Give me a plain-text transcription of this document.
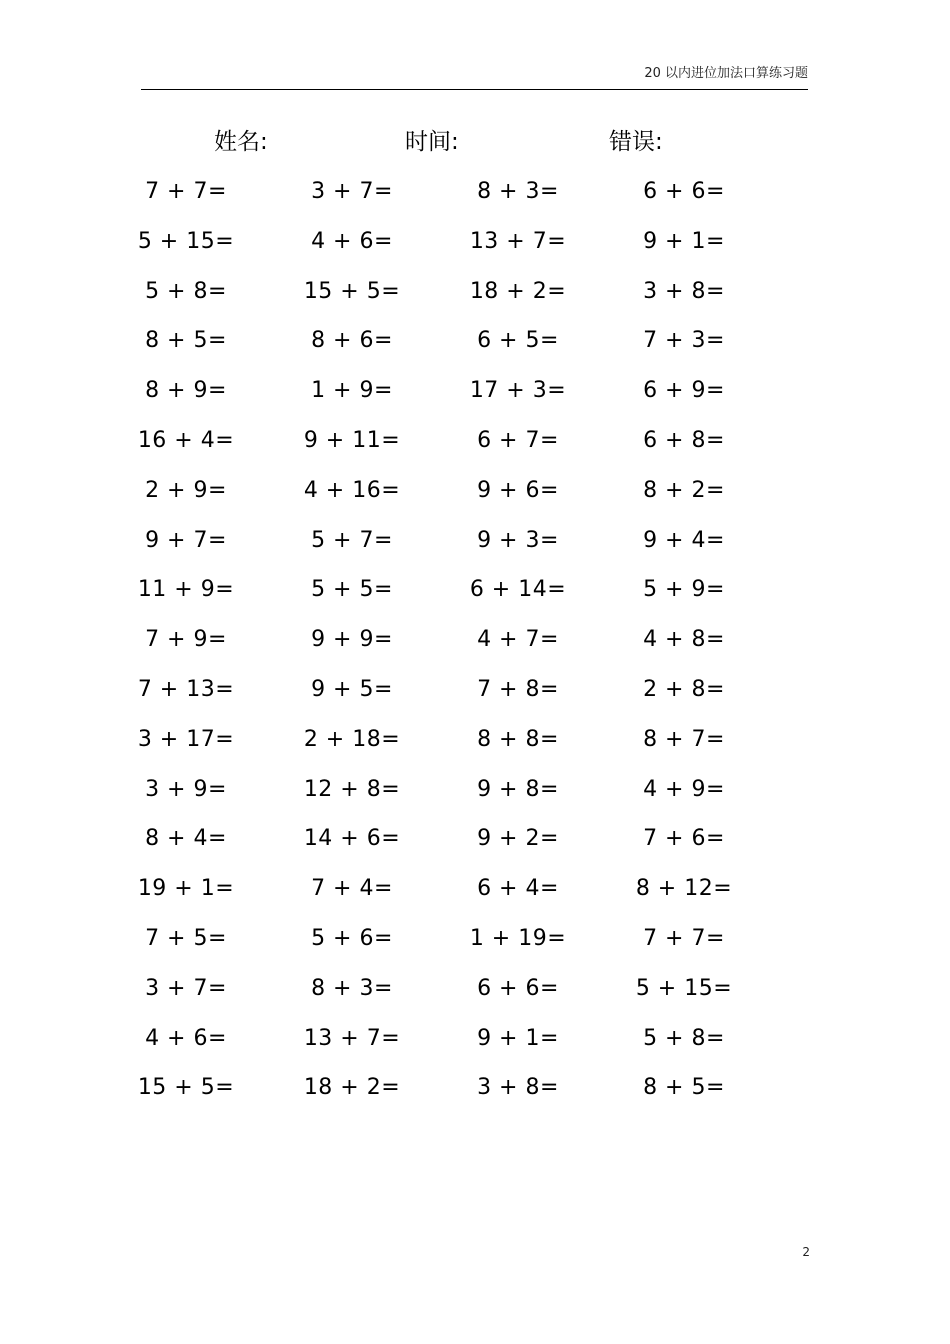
20 以内进位加法口算练习题
姓名:	时间:	错误:
7 + 7=	3 + 7=	8 + 3=	6 + 6=
5 + 15=	4 + 6=	13 + 7=	9 + 1=
5 + 8=	15 + 5=	18 + 2=	3 + 8=
8 + 5=	8 + 6=	6 + 5=	7 + 3=
8 + 9=	1 + 9=	17 + 3=	6 + 9=
16 + 4=	9 + 11=	6 + 7=	6 + 8=
2 + 9=	4 + 16=	9 + 6=	8 + 2=
9 + 7=	5 + 7=	9 + 3=	9 + 4=
11 + 9=	5 + 5=	6 + 14=	5 + 9=
7 + 9=	9 + 9=	4 + 7=	4 + 8=
7 + 13=	9 + 5=	7 + 8=	2 + 8=
3 + 17=	2 + 18=	8 + 8=	8 + 7=
3 + 9=	12 + 8=	9 + 8=	4 + 9=
8 + 4=	14 + 6=	9 + 2=	7 + 6=
19 + 1=	7 + 4=	6 + 4=	8 + 12=
7 + 5=	5 + 6=	1 + 19=	7 + 7=
3 + 7=	8 + 3=	6 + 6=	5 + 15=
4 + 6=	13 + 7=	9 + 1=	5 + 8=
15 + 5=	18 + 2=	3 + 8=	8 + 5=
2
